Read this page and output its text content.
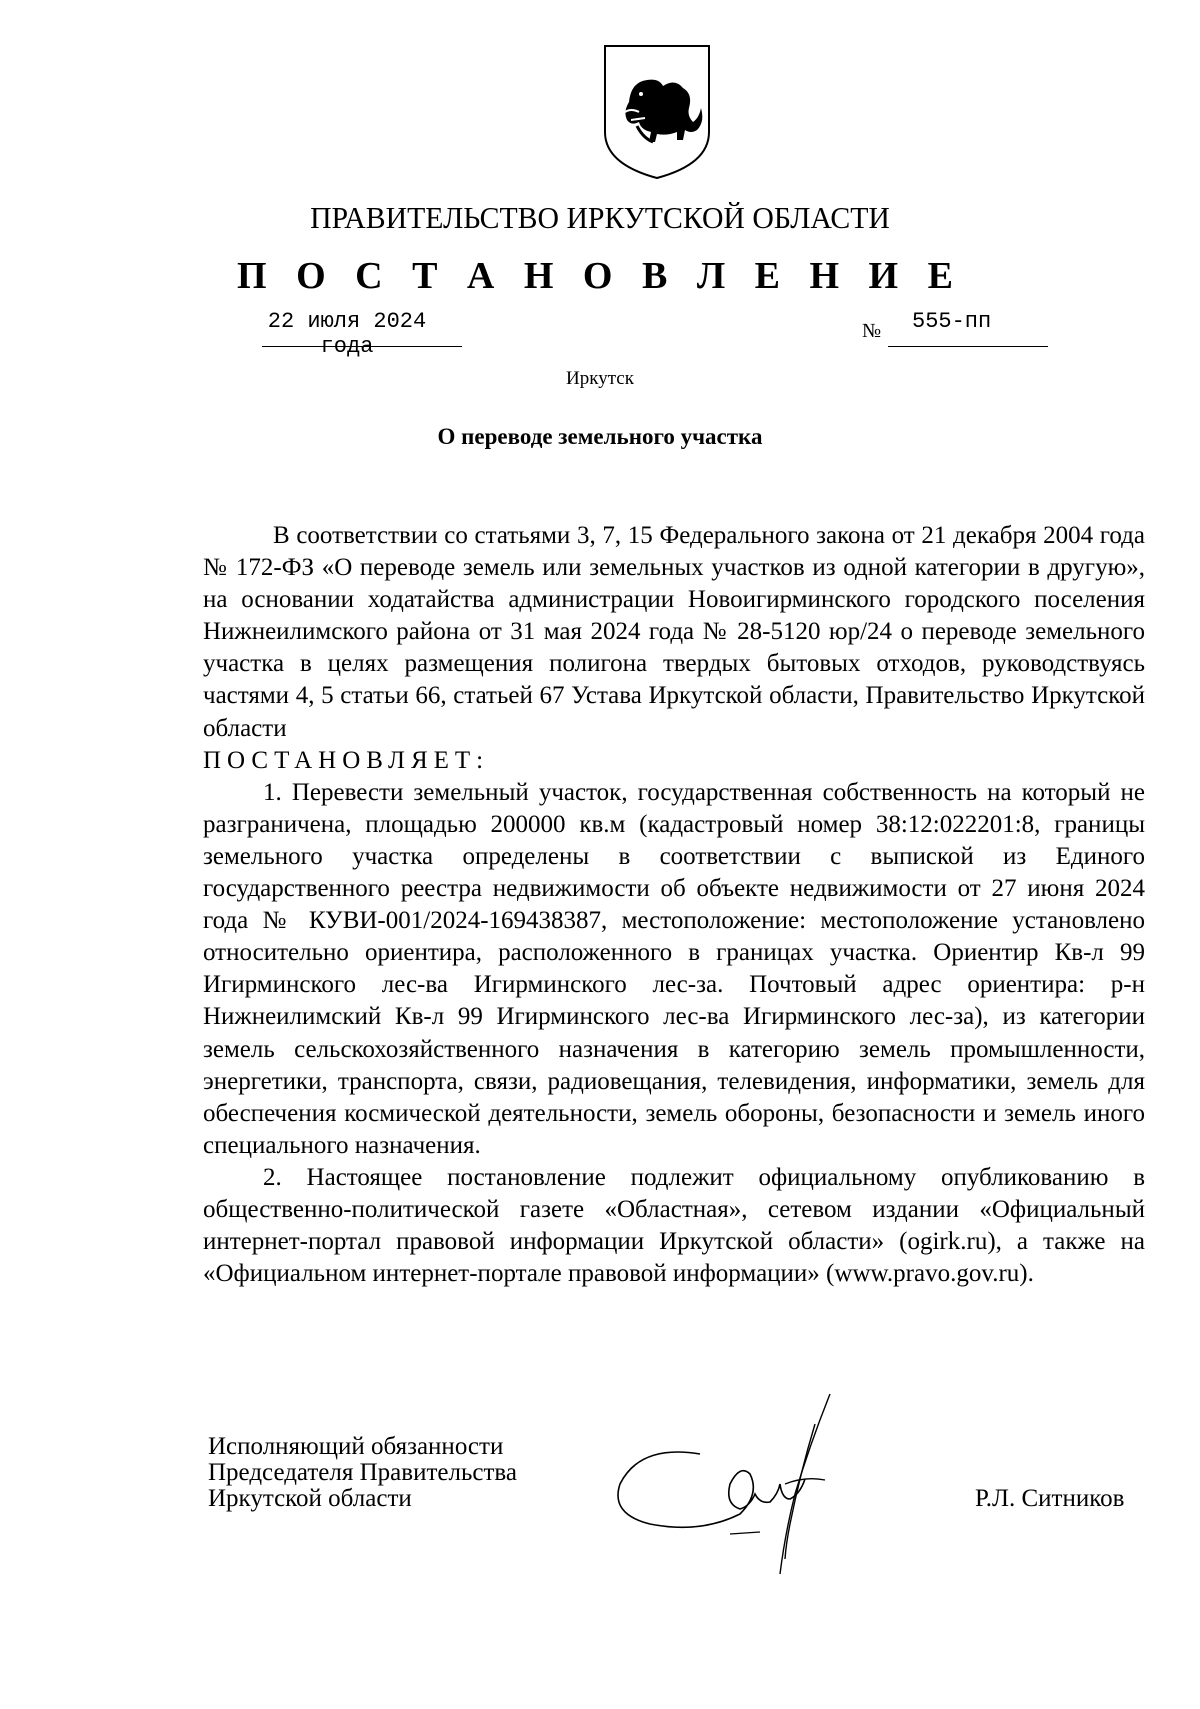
ПРАВИТЕЛЬСТВО ИРКУТСКОЙ ОБЛАСТИ
П О С Т А Н О В Л Е Н И Е
22 июля 2024 года
№	555-пп
Иркутск
О переводе земельного участка

В соответствии со статьями 3, 7, 15 Федерального закона от 21 декабря 2004 года № 172-ФЗ «О переводе земель или земельных участков из одной категории в другую», на основании ходатайства администрации Новоигирминского городского поселения Нижнеилимского района от 31 мая 2024 года № 28-5120 юр/24 о переводе земельного участка в целях размещения полигона твердых бытовых отходов, руководствуясь частями 4, 5 статьи 66, статьей 67 Устава Иркутской области, Правительство Иркутской области

ПОСТАНОВЛЯЕТ:

1. Перевести земельный участок, государственная собственность на который не разграничена, площадью 200000 кв.м (кадастровый номер 38:12:022201:8, границы земельного участка определены в соответствии с выпиской из Единого государственного реестра недвижимости об объекте недвижимости от 27 июня 2024 года № КУВИ-001/2024-169438387, местоположение: местоположение установлено относительно ориентира, расположенного в границах участка. Ориентир Кв-л 99 Игирминского лес-ва Игирминского лес-за. Почтовый адрес ориентира: р-н Нижнеилимский Кв-л 99 Игирминского лес-ва Игирминского лес-за), из категории земель сельскохозяйственного назначения в категорию земель промышленности, энергетики, транспорта, связи, радиовещания, телевидения, информатики, земель для обеспечения космической деятельности, земель обороны, безопасности и земель иного специального назначения.

2. Настоящее постановление подлежит официальному опубликованию в общественно-политической газете «Областная», сетевом издании «Официальный интернет-портал правовой информации Иркутской области» (ogirk.ru), а также на «Официальном интернет-портале правовой информации» (www.pravo.gov.ru).

Исполняющий обязанности
Председателя Правительства
Иркутской области	Р.Л. Ситников
